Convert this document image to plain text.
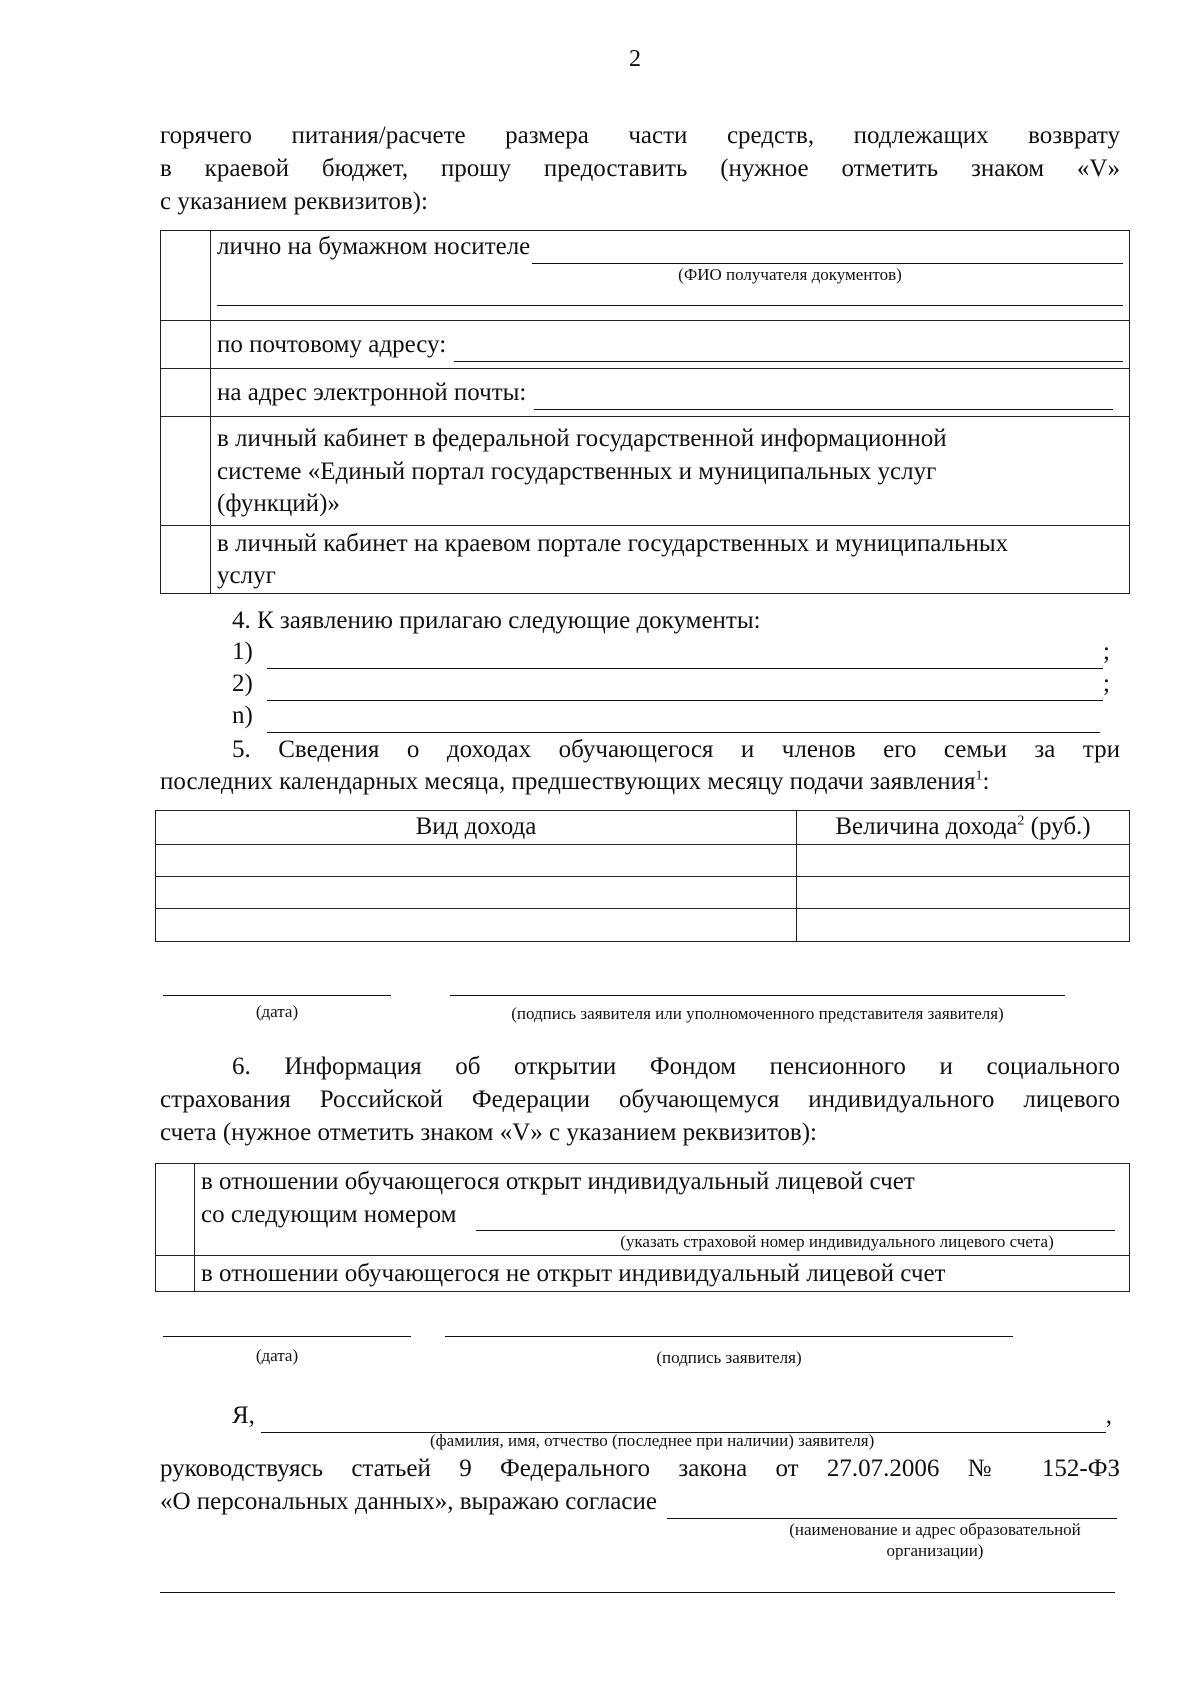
2
горячего питания/расчете размера части средств, подлежащих возврату
в краевой бюджет, прошу предоставить (нужное отметить знаком «V»
с указанием реквизитов):

	лично на бумажном носителе
(ФИО получателя документов)

	по почтовому адресу:

	на адрес электронной почты:

	в личный кабинет в федеральной государственной информационной
системе «Единый портал государственных и муниципальных услуг
(функций)»

	в личный кабинет на краевом портале государственных и муниципальных
услуг
4. К заявлению прилагаю следующие документы:
1)	;
2)	;
n)
5. Сведения о доходах обучающегося и членов его семьи за три
последних календарных месяца, предшествующих месяцу подачи заявления$^1$:
Вид дохода	Величина дохода$^2$ (руб.)

(дата)	(подпись заявителя или уполномоченного представителя заявителя)
6. Информация об открытии Фондом пенсионного и социального
страхования Российской Федерации обучающемуся индивидуального лицевого
счета (нужное отметить знаком «V» с указанием реквизитов):

	в отношении обучающегося открыт индивидуальный лицевой счет
со следующим номером
(указать страховой номер индивидуального лицевого счета)

	в отношении обучающегося не открыт индивидуальный лицевой счет
(дата)	(подпись заявителя)
Я,	,
(фамилия, имя, отчество (последнее при наличии) заявителя)
руководствуясь статьей 9 Федерального закона от 27.07.2006 № 152-ФЗ
«О персональных данных», выражаю согласие
(наименование и адрес образовательной
организации)
